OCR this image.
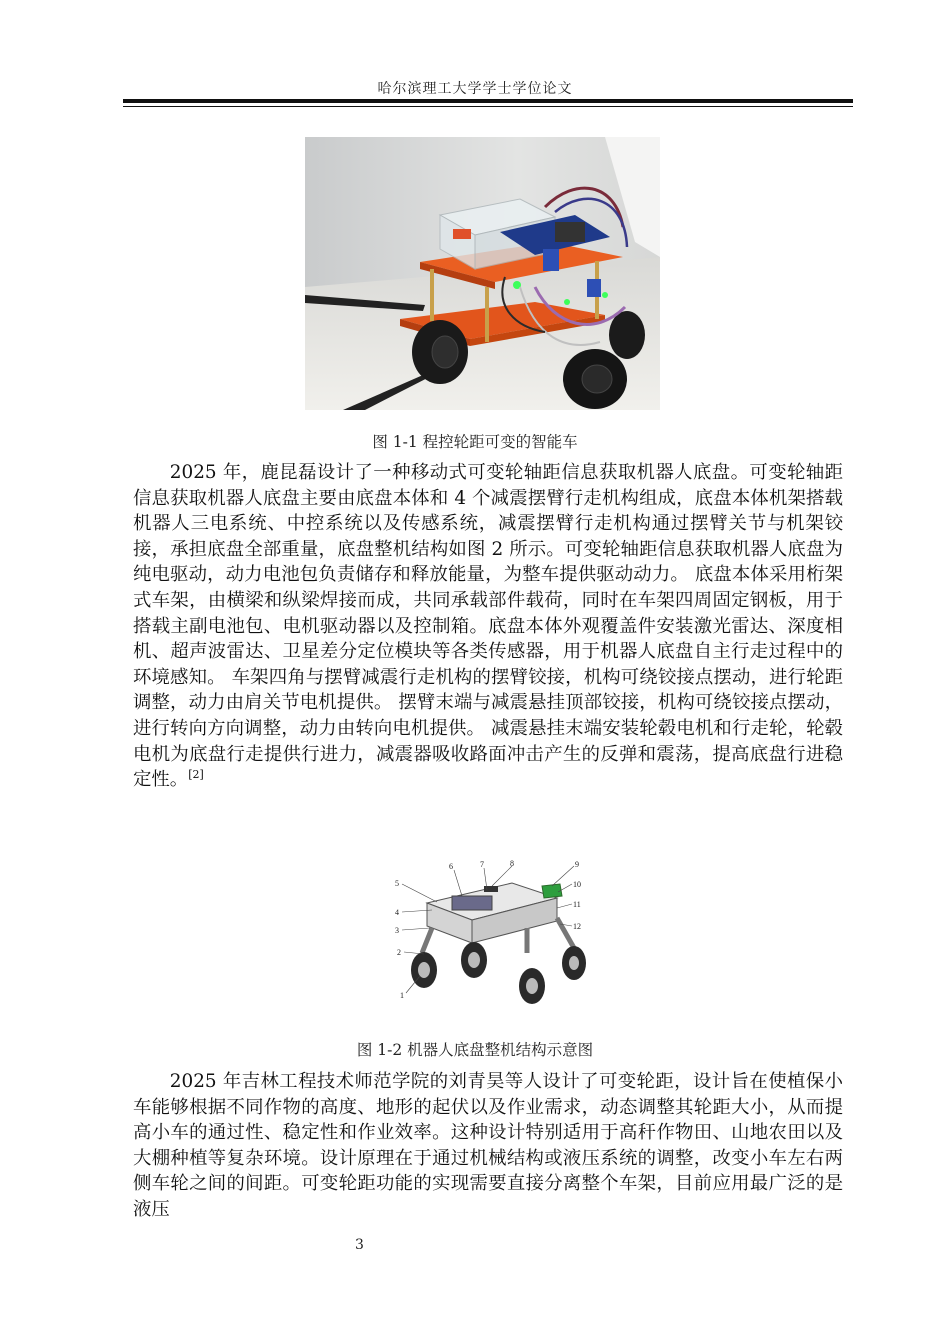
哈尔滨理工大学学士学位论文
图 1-1 程控轮距可变的智能车

2025 年，鹿昆磊设计了一种移动式可变轮轴距信息获取机器人底盘。可变轮轴距信息获取机器人底盘主要由底盘本体和 4 个减震摆臂行走机构组成，底盘本体机架搭载机器人三电系统、中控系统以及传感系统，减震摆臂行走机构通过摆臂关节与机架铰接，承担底盘全部重量，底盘整机结构如图 2 所示。可变轮轴距信息获取机器人底盘为纯电驱动，动力电池包负责储存和释放能量，为整车提供驱动动力。 底盘本体采用桁架式车架，由横梁和纵梁焊接而成，共同承载部件载荷，同时在车架四周固定钢板，用于搭载主副电池包、电机驱动器以及控制箱。底盘本体外观覆盖件安装激光雷达、深度相机、超声波雷达、卫星差分定位模块等各类传感器，用于机器人底盘自主行走过程中的环境感知。 车架四角与摆臂减震行走机构的摆臂铰接，机构可绕铰接点摆动，进行轮距调整，动力由肩关节电机提供。 摆臂末端与减震悬挂顶部铰接，机构可绕铰接点摆动，进行转向方向调整，动力由转向电机提供。 减震悬挂末端安装轮毂电机和行走轮，轮毂电机为底盘行走提供行进力，减震器吸收路面冲击产生的反弹和震荡，提高底盘行进稳定性。[2]

1
2
3
4
5
6	7	8	9
10
11
12
图 1-2 机器人底盘整机结构示意图

2025 年吉林工程技术师范学院的刘青昊等人设计了可变轮距，设计旨在使植保小车能够根据不同作物的高度、地形的起伏以及作业需求，动态调整其轮距大小，从而提高小车的通过性、稳定性和作业效率。这种设计特别适用于高秆作物田、山地农田以及大棚种植等复杂环境。设计原理在于通过机械结构或液压系统的调整，改变小车左右两侧车轮之间的间距。可变轮距功能的实现需要直接分离整个车架，目前应用最广泛的是液压

3
